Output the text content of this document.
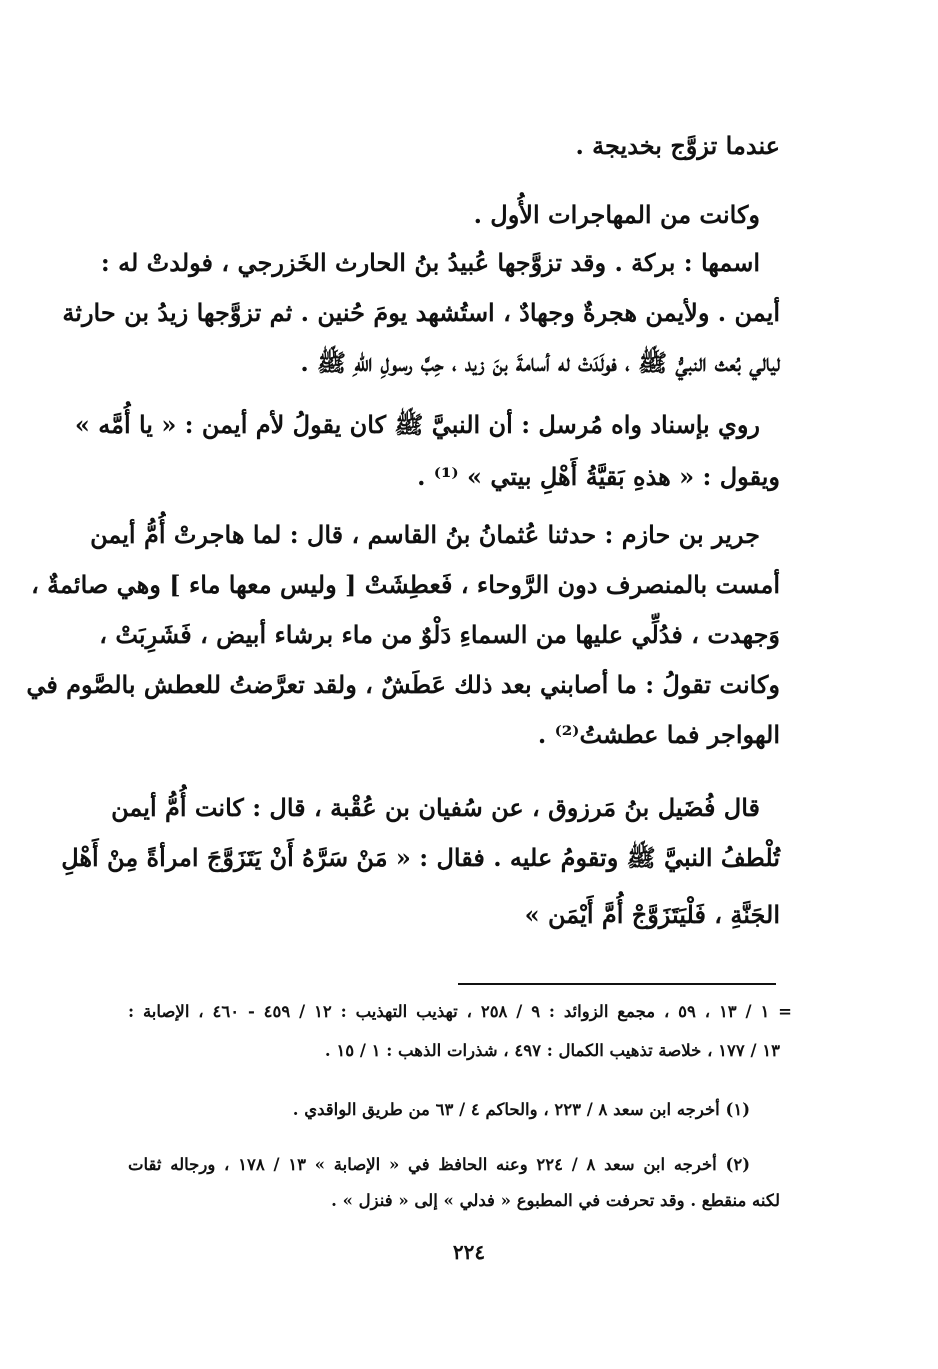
عندما تزوَّج بخديجة .
وكانت من المهاجرات الأُول .
اسمها : بركة . وقد تزوَّجها عُبيدُ بنُ الحارث الخَزرجي ، فولدتْ له :
أيمن . ولأيمن هجرةٌ وجهادٌ ، استُشهد يومَ حُنين . ثم تزوَّجها زيدُ بن حارثة
ليالي بُعث النبيُّ ﷺ ، فولَدَتْ له أسامةَ بنَ زيد ، حِبَّ رسولِ اللهِ ﷺ .
روي بإسناد واه مُرسل : أن النبيَّ ﷺ كان يقولُ لأم أيمن : « يا أُمَّه »
ويقول : « هذهِ بَقيَّةُ أَهْلِ بيتي » ⁽¹⁾ .
جرير بن حازم : حدثنا عُثمانُ بنُ القاسم ، قال : لما هاجرتْ أُمُّ أيمن
أمست بالمنصرف دون الرَّوحاء ، فَعطِشَتْ [ وليس معها ماء ] وهي صائمةٌ ،
وَجهدت ، فدُلِّي عليها من السماءِ دَلْوٌ من ماء برشاء أبيض ، فَشَرِبَتْ ،
وكانت تقولُ : ما أصابني بعد ذلك عَطَشٌ ، ولقد تعرَّضتُ للعطش بالصَّوم في
الهواجر فما عطشتُ⁽²⁾ .
قال فُضَيل بنُ مَرزوق ، عن سُفيان بن عُقْبة ، قال : كانت أُمُّ أيمن
تُلْطفُ النبيَّ ﷺ وتقومُ عليه . فقال : « مَنْ سَرَّهُ أَنْ يَتَزَوَّجَ امرأةً مِنْ أَهْلِ
الجَنَّةِ ، فَلْيَتَزَوَّجْ أُمَّ أَيْمَن »
= ١ / ١٣ ، ٥٩ ، مجمع الزوائد : ٩ / ٢٥٨ ، تهذيب التهذيب : ١٢ / ٤٥٩ - ٤٦٠ ، الإصابة :
١٣ / ١٧٧ ، خلاصة تذهيب الكمال : ٤٩٧ ، شذرات الذهب : ١ / ١٥ .
(١) أخرجه ابن سعد ٨ / ٢٢٣ ، والحاكم ٤ / ٦٣ من طريق الواقدي .
(٢) أخرجه ابن سعد ٨ / ٢٢٤ وعنه الحافظ في « الإصابة » ١٣ / ١٧٨ ، ورجاله ثقات
لكنه منقطع . وقد تحرفت في المطبوع « فدلي » إلى « فنزل » .
٢٢٤
